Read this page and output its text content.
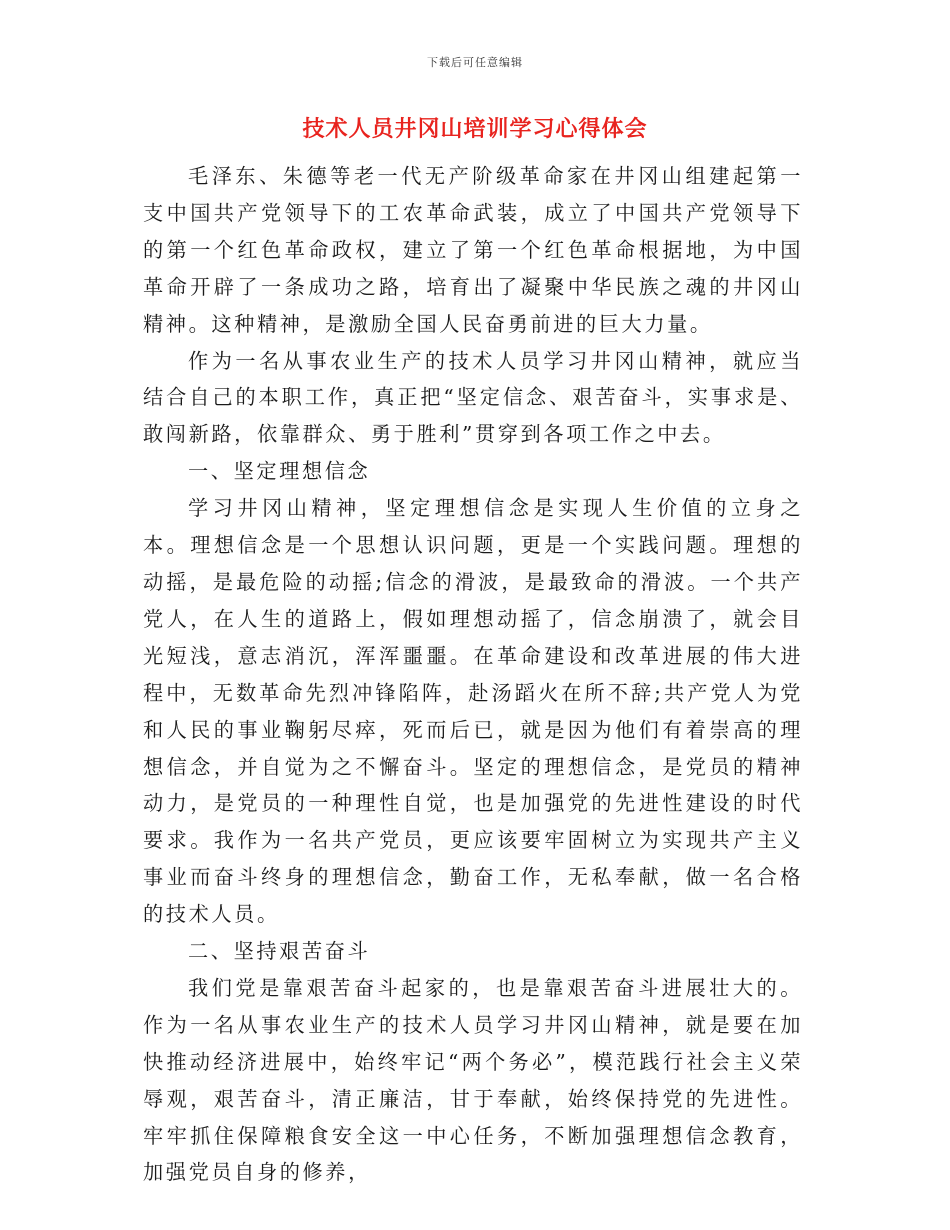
下载后可任意编辑
技术人员井冈山培训学习心得体会

毛泽东、朱德等老一代无产阶级革命家在井冈山组建起第一支中国共产党领导下的工农革命武装，成立了中国共产党领导下的第一个红色革命政权，建立了第一个红色革命根据地，为中国革命开辟了一条成功之路，培育出了凝聚中华民族之魂的井冈山精神。这种精神，是激励全国人民奋勇前进的巨大力量。

作为一名从事农业生产的技术人员学习井冈山精神，就应当结合自己的本职工作，真正把“坚定信念、艰苦奋斗，实事求是、敢闯新路，依靠群众、勇于胜利”贯穿到各项工作之中去。

一、坚定理想信念

学习井冈山精神，坚定理想信念是实现人生价值的立身之本。理想信念是一个思想认识问题，更是一个实践问题。理想的动摇，是最危险的动摇;信念的滑波，是最致命的滑波。一个共产党人，在人生的道路上，假如理想动摇了，信念崩溃了，就会目光短浅，意志消沉，浑浑噩噩。在革命建设和改革进展的伟大进程中，无数革命先烈冲锋陷阵，赴汤蹈火在所不辞;共产党人为党和人民的事业鞠躬尽瘁，死而后已，就是因为他们有着崇高的理想信念，并自觉为之不懈奋斗。坚定的理想信念，是党员的精神动力，是党员的一种理性自觉，也是加强党的先进性建设的时代要求。我作为一名共产党员，更应该要牢固树立为实现共产主义事业而奋斗终身的理想信念，勤奋工作，无私奉献，做一名合格的技术人员。

二、坚持艰苦奋斗

我们党是靠艰苦奋斗起家的，也是靠艰苦奋斗进展壮大的。作为一名从事农业生产的技术人员学习井冈山精神，就是要在加快推动经济进展中，始终牢记“两个务必”，模范践行社会主义荣辱观，艰苦奋斗，清正廉洁，甘于奉献，始终保持党的先进性。牢牢抓住保障粮食安全这一中心任务，不断加强理想信念教育，加强党员自身的修养，
